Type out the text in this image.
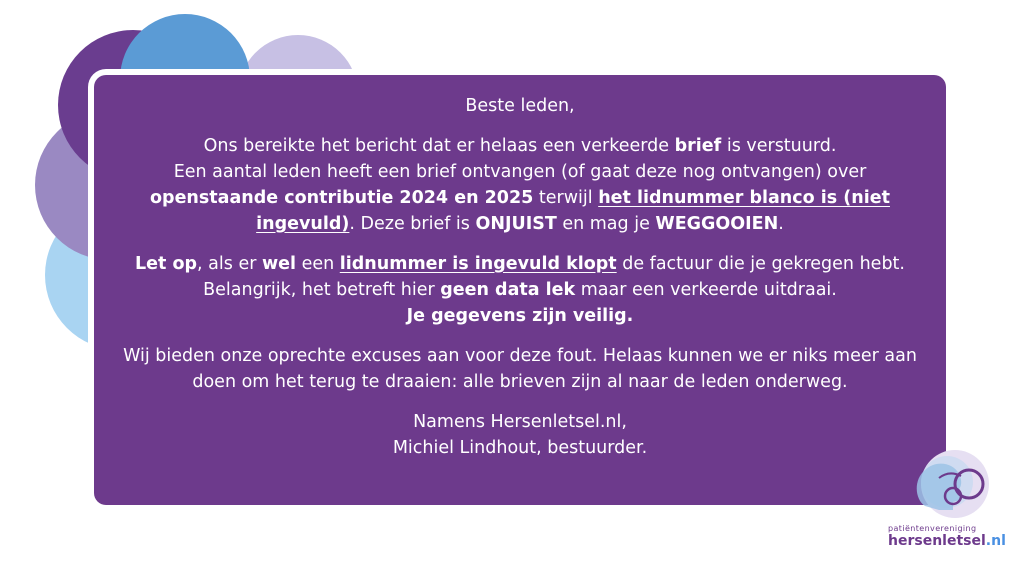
Beste leden,

Ons bereikte het bericht dat er helaas een verkeerde brief is verstuurd.
Een aantal leden heeft een brief ontvangen (of gaat deze nog ontvangen) over openstaande contributie 2024 en 2025 terwijl het lidnummer blanco is (niet ingevuld). Deze brief is ONJUIST en mag je WEGGOOIEN.

Let op, als er wel een lidnummer is ingevuld klopt de factuur die je gekregen hebt. Belangrijk, het betreft hier geen data lek maar een verkeerde uitdraai.
Je gegevens zijn veilig.

Wij bieden onze oprechte excuses aan voor deze fout. Helaas kunnen we er niks meer aan doen om het terug te draaien: alle brieven zijn al naar de leden onderweg.

Namens Hersenletsel.nl,
Michiel Lindhout, bestuurder.

patiëntenvereniging
hersenletsel.nl
